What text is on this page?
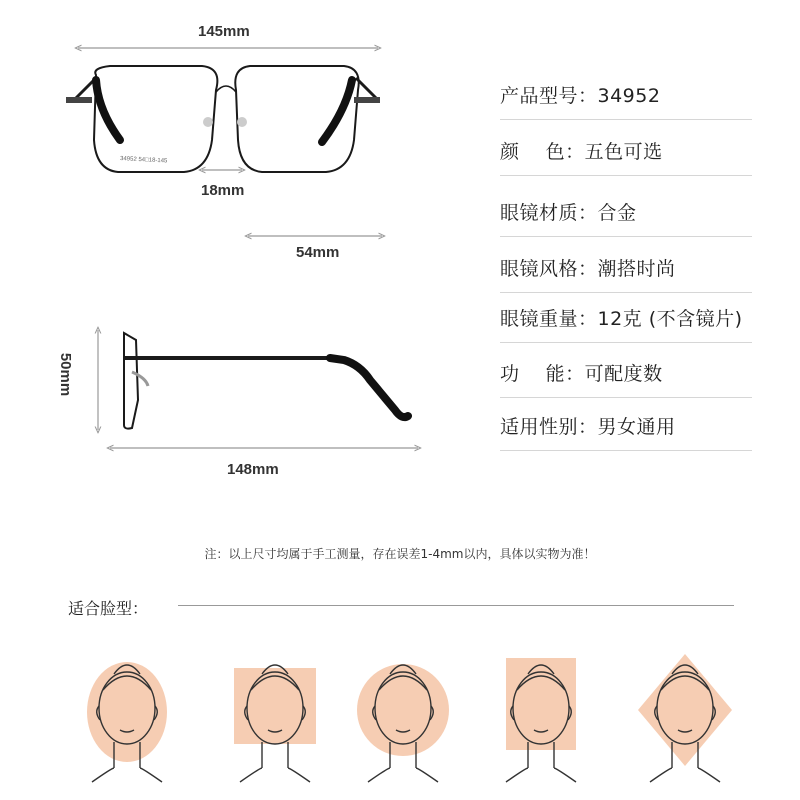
34952 54□18-145
145mm
18mm
54mm
50mm
148mm
产品型号：34952
颜    色：五色可选
眼镜材质：合金
眼镜风格：潮搭时尚
眼镜重量：12克 (不含镜片)
功    能：可配度数
适用性别：男女通用
注：以上尺寸均属于手工测量，存在误差1-4mm以内，具体以实物为准！
适合脸型：
